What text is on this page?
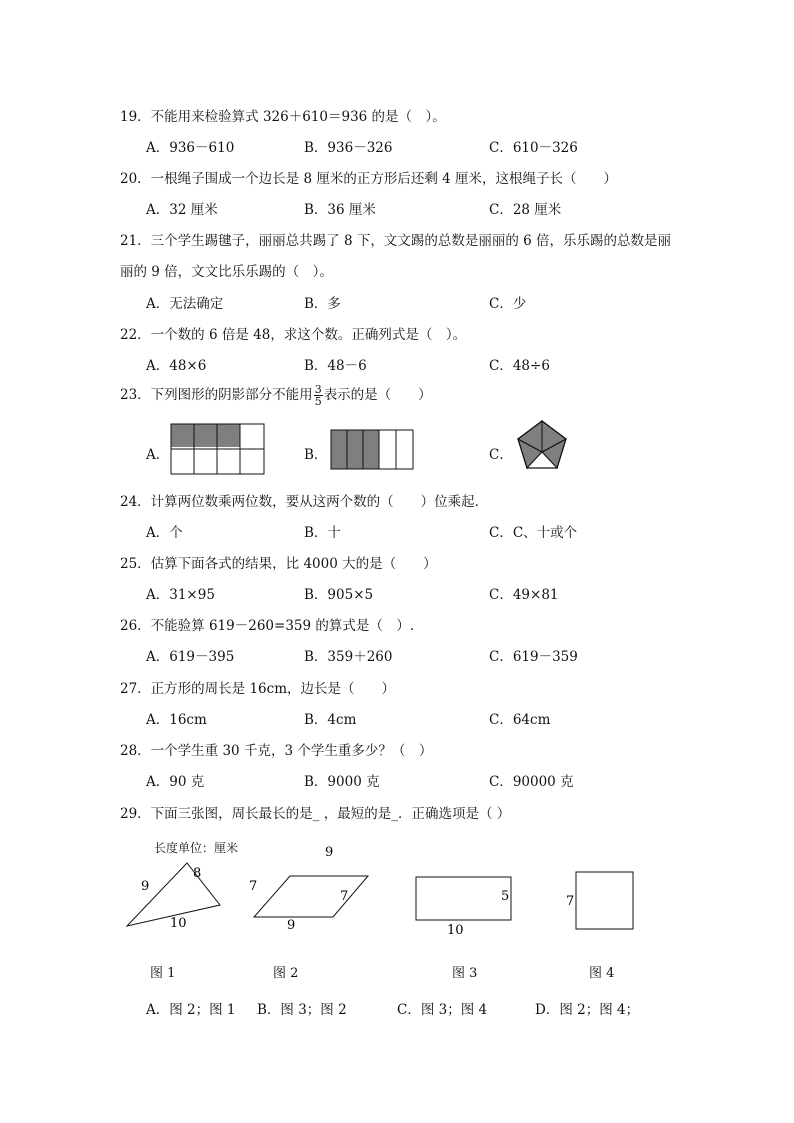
19．不能用来检验算式 326＋610＝936 的是（　）。
A．936－610	B．936－326	C．610－326
20．一根绳子围成一个边长是 8 厘米的正方形后还剩 4 厘米，这根绳子长（　　）
A．32 厘米	B．36 厘米	C．28 厘米
21．三个学生踢毽子，丽丽总共踢了 8 下，文文踢的总数是丽丽的 6 倍，乐乐踢的总数是丽
丽的 9 倍，文文比乐乐踢的（　）。
A．无法确定	B．多	C．少
22．一个数的 6 倍是 48，求这个数。正确列式是（　）。
A．48×6	B．48－6	C．48÷6
23．下列图形的阴影部分不能用 $\frac{3}{5}$ 表示的是（　　）
A．	B．	C．
24．计算两位数乘两位数，要从这两个数的（　　）位乘起．
A．个	B．十	C．C、十或个
25．估算下面各式的结果，比 4000 大的是（　　）
A．31×95	B．905×5	C．49×81
26．不能验算 619－260=359 的算式是（　）.
A．619－395	B．359＋260	C．619－359
27．正方形的周长是 16cm，边长是（　　）
A．16cm	B．4cm	C．64cm
28．一个学生重 30 千克，3 个学生重多少？（　）
A．90 克	B．9000 克	C．90000 克
29．下面三张图，周长最长的是_ ，最短的是_．正确选项是（ ）
长度单位：厘米
9
8
10
9
7
7
9
5
10
7
图 1	图 2	图 3	图 4
A．图 2；图 1 B．图 3；图 2	C．图 3；图 4	D．图 2；图 4；
